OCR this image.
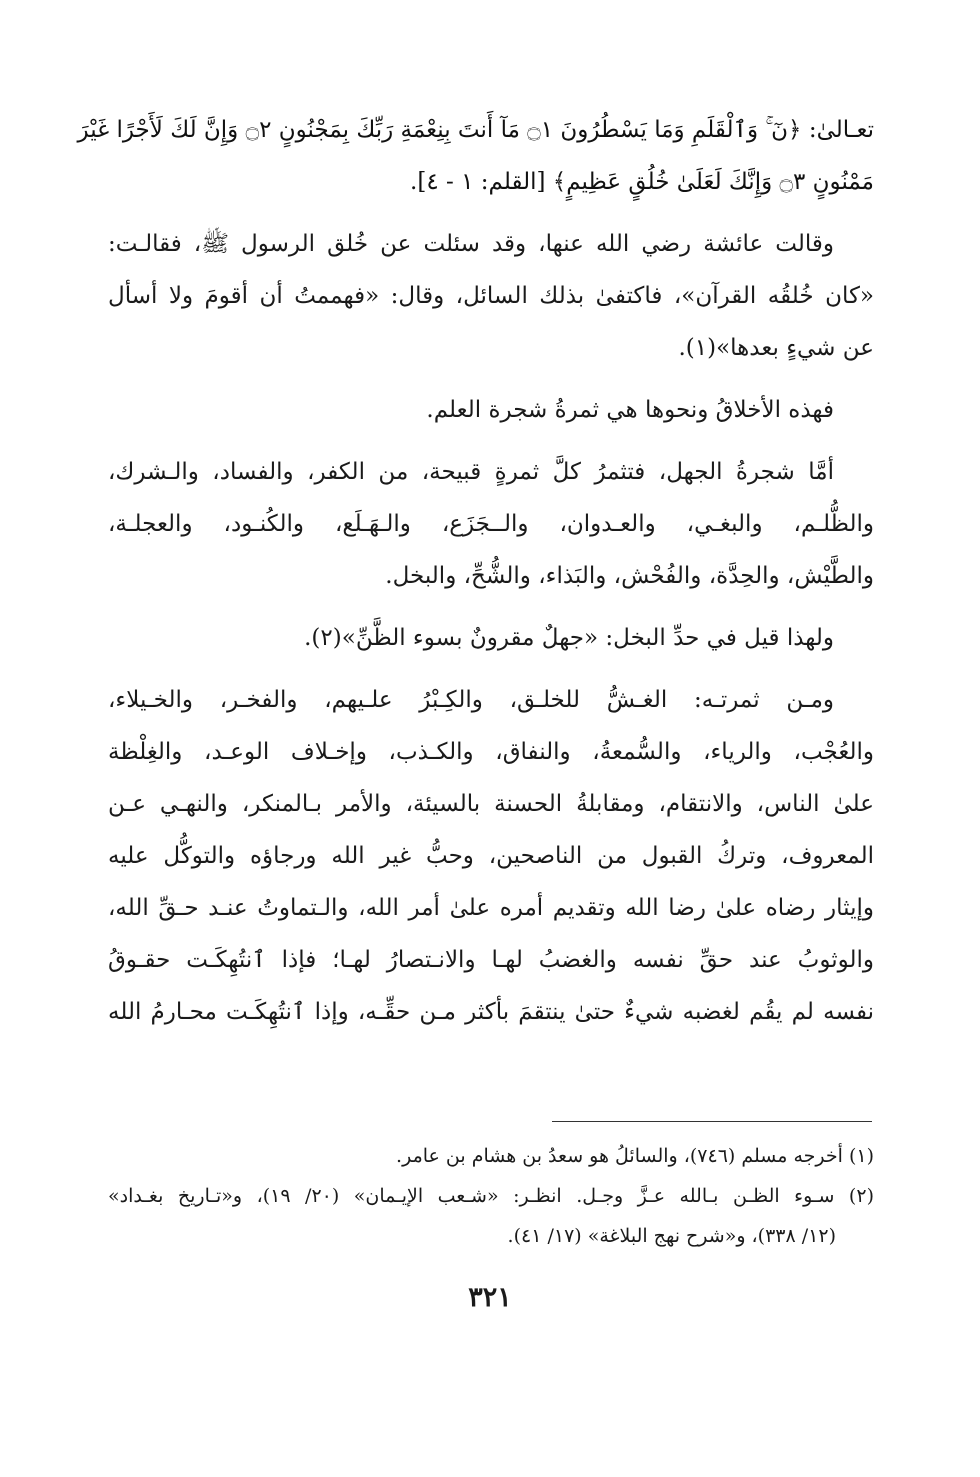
تعـالىٰ: ﴿نٓ ۚ وَٱلْقَلَمِ وَمَا يَسْطُرُونَ ۝١ مَآ أَنتَ بِنِعْمَةِ رَبِّكَ بِمَجْنُونٍ ۝٢ وَإِنَّ لَكَ لَأَجْرًا غَيْرَ
مَمْنُونٍ ۝٣ وَإِنَّكَ لَعَلَىٰ خُلُقٍ عَظِيمٍ﴾ [القلم: ١ - ٤].
وقالت عائشة رضي الله عنها، وقد سئلت عن خُلق الرسول ﷺ، فقالـت:
«كان خُلقُه القرآن»، فاكتفىٰ بذلك السائل، وقال: «فهممتُ أن أقومَ ولا أسأل
عن شيءٍ بعدها»(١).
فهذه الأخلاقُ ونحوها هي ثمرةُ شجرة العلم.
أمَّا شجرةُ الجهل، فتثمرُ كلَّ ثمرةٍ قبيحة، من الكفر، والفساد، والـشرك،
والظُّلـم، والبغـي، والعـدوان، والــجَزَع، والـهَـلَع، والكُنـود، والعجلـة،
والطَّيْش، والحِدَّة، والفُحْش، والبَذاء، والشُّحِّ، والبخل.
ولهذا قيل في حدِّ البخل: «جهلٌ مقرونٌ بسوء الظَّنِّ»(٢).
ومـن ثمرتـه: الغـشُّ للخلـق، والكِـبْرُ علـيهم، والفخـر، والخـيلاء،
والعُجْب، والرياء، والسُّمعةُ، والنفاق، والكـذب، وإخـلاف الوعـد، والغِلْظة
علىٰ الناس، والانتقام، ومقابلةُ الحسنة بالسيئة، والأمر بـالمنكر، والنهـي عـن
المعروف، وتركُ القبول من الناصحين، وحبُّ غير الله ورجاؤه والتوكُّل عليه
وإيثار رضاه علىٰ رضا الله وتقديم أمره علىٰ أمر الله، والـتماوتُ عنـد حـقِّ الله،
والوثوبُ عند حقِّ نفسه والغضبُ لهـا والانـتصارُ لهـا؛ فإذا ٱنتُهِكَـت حقـوقُ
نفسه لم يقُم لغضبه شيءٌ حتىٰ ينتقمَ بأكثر مـن حقِّـه، وإذا ٱنتُهِكَـت محـارمُ الله
(١) أخرجه مسلم (٧٤٦)، والسائلُ هو سعدُ بن هشام بن عامر.
(٢) سـوء الظـن بـالله عـزَّ وجـل. انظـر: «شـعب الإيـمان» (٢٠/ ١٩)، و«تـاريخ بغـداد»
(١٢/ ٣٣٨)، و«شرح نهج البلاغة» (١٧/ ٤١).
٣٢١
